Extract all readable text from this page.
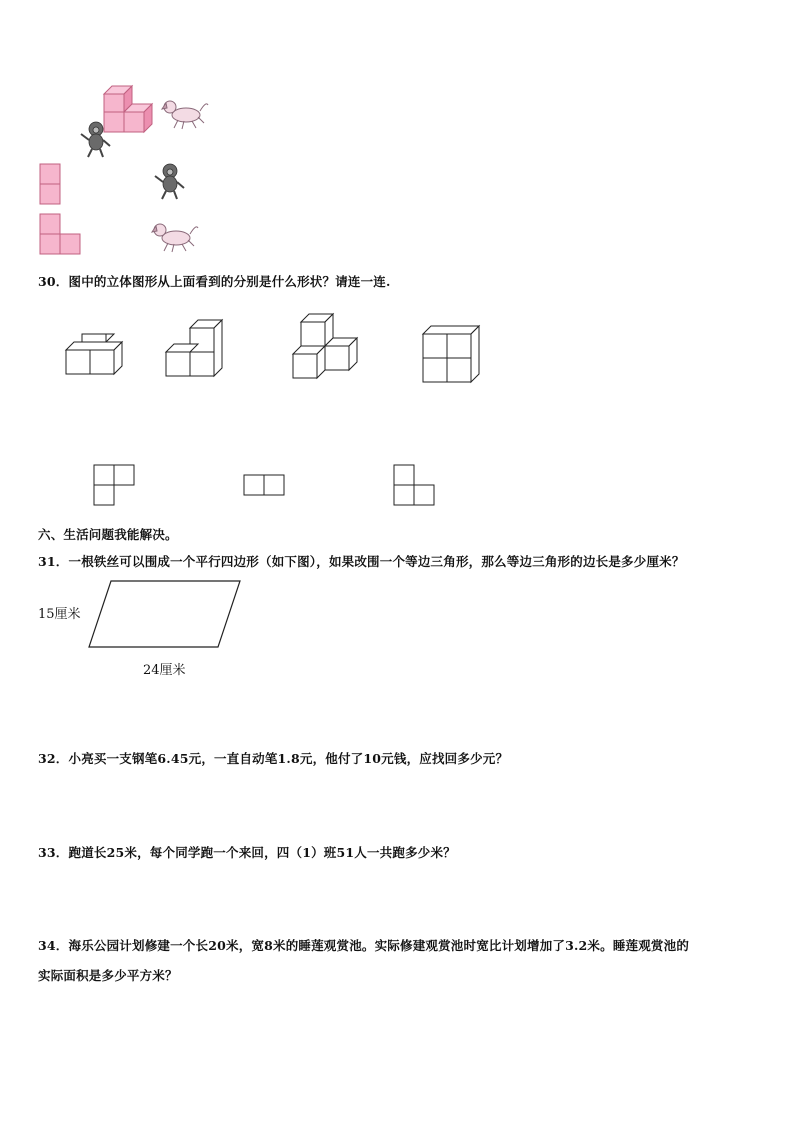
30．图中的立体图形从上面看到的分别是什么形状？请连一连.
六、生活问题我能解决。
31．一根铁丝可以围成一个平行四边形（如下图），如果改围一个等边三角形，那么等边三角形的边长是多少厘米？
15厘米
24厘米
32．小亮买一支钢笔6.45元，一直自动笔1.8元，他付了10元钱，应找回多少元？
33．跑道长25米，每个同学跑一个来回，四（1）班51人一共跑多少米？
34．海乐公园计划修建一个长20米，宽8米的睡莲观赏池。实际修建观赏池时宽比计划增加了3.2米。睡莲观赏池的
实际面积是多少平方米？
